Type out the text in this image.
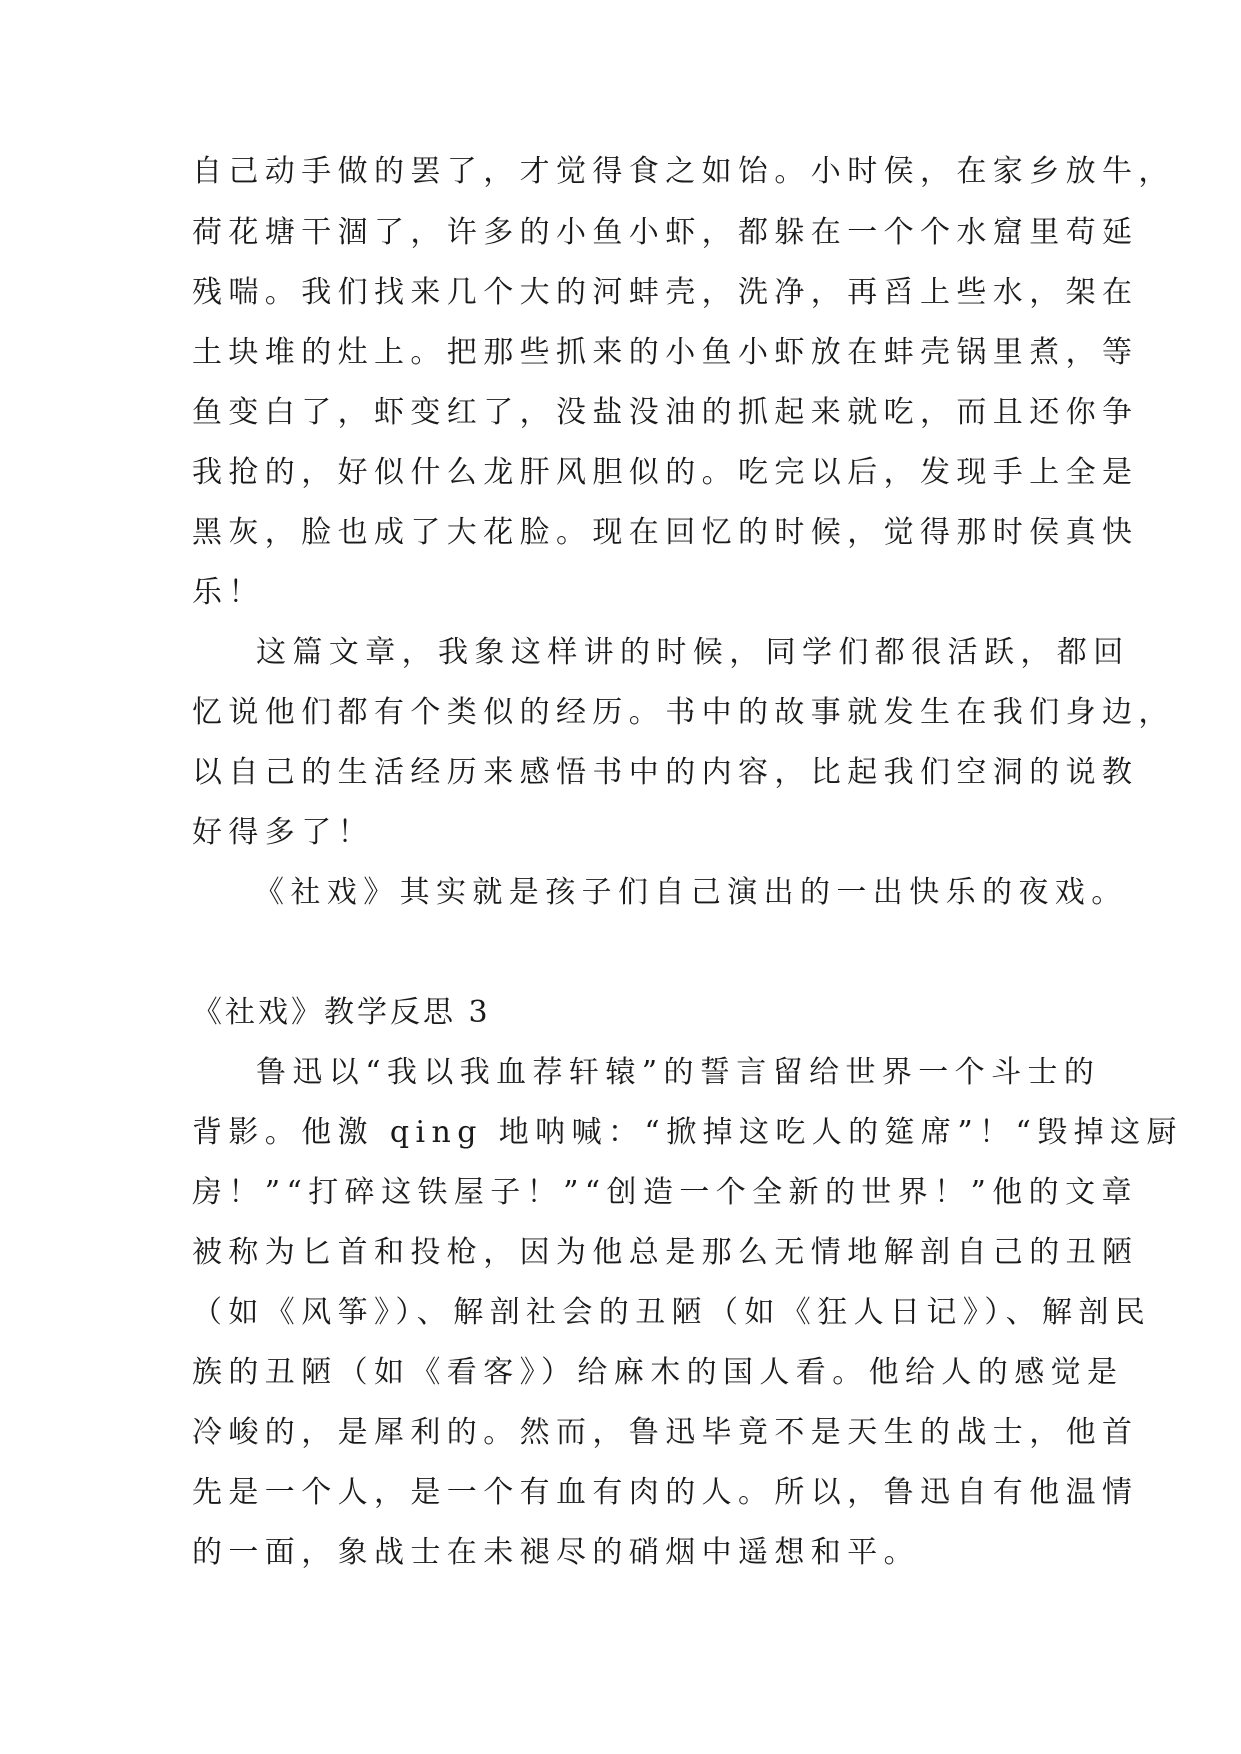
自己动手做的罢了，才觉得食之如饴。小时侯，在家乡放牛，
荷花塘干涸了，许多的小鱼小虾，都躲在一个个水窟里苟延
残喘。我们找来几个大的河蚌壳，洗净，再舀上些水，架在
土块堆的灶上。把那些抓来的小鱼小虾放在蚌壳锅里煮，等
鱼变白了，虾变红了，没盐没油的抓起来就吃，而且还你争
我抢的，好似什么龙肝风胆似的。吃完以后，发现手上全是
黑灰，脸也成了大花脸。现在回忆的时候，觉得那时侯真快
乐！
这篇文章，我象这样讲的时候，同学们都很活跃，都回
忆说他们都有个类似的经历。书中的故事就发生在我们身边，
以自己的生活经历来感悟书中的内容，比起我们空洞的说教
好得多了！
《社戏》其实就是孩子们自己演出的一出快乐的夜戏。
《社戏》教学反思 3
鲁迅以“我以我血荐轩辕”的誓言留给世界一个斗士的
背影。他激 qing 地呐喊：“掀掉这吃人的筵席”！“毁掉这厨
房！”“打碎这铁屋子！”“创造一个全新的世界！”他的文章
被称为匕首和投枪，因为他总是那么无情地解剖自己的丑陋
（如《风筝》）、解剖社会的丑陋（如《狂人日记》）、解剖民
族的丑陋（如《看客》）给麻木的国人看。他给人的感觉是
冷峻的，是犀利的。然而，鲁迅毕竟不是天生的战士，他首
先是一个人，是一个有血有肉的人。所以，鲁迅自有他温情
的一面，象战士在未褪尽的硝烟中遥想和平。
